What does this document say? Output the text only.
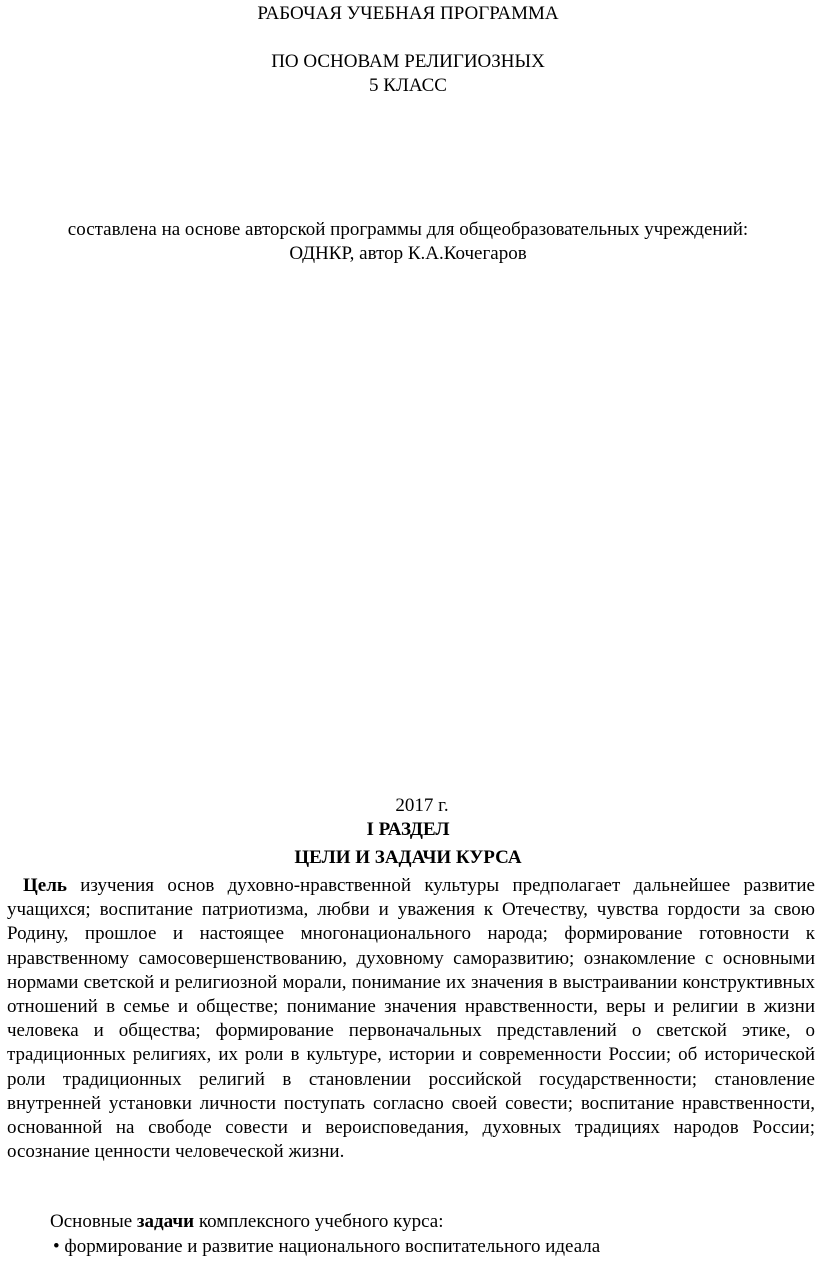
РАБОЧАЯ УЧЕБНАЯ ПРОГРАММА
ПО ОСНОВАМ РЕЛИГИОЗНЫХ
5 КЛАСС
составлена на основе авторской программы для общеобразовательных учреждений:
ОДНКР, автор К.А.Кочегаров
2017 г.
I РАЗДЕЛ
ЦЕЛИ И ЗАДАЧИ КУРСА
Цель изучения основ духовно-нравственной культуры предполагает дальнейшее развитие учащихся; воспитание патриотизма, любви и уважения к Отечеству, чувства гордости за свою Родину, прошлое и настоящее многонационального народа; формирование готовности к нравственному самосовершенствованию, духовному саморазвитию; ознакомление с основными нормами светской и религиозной морали, понимание их значения в выстраивании конструктивных отношений в семье и обществе; понимание значения нравственности, веры и религии в жизни человека и общества; формирование первоначальных представлений о светской этике, о традиционных религиях, их роли в культуре, истории и современности России; об исторической роли традиционных религий в становлении российской государственности; становление внутренней установки личности поступать согласно своей совести; воспитание нравственности, основанной на свободе совести и вероисповедания, духовных традициях народов России; осознание ценности человеческой жизни.
Основные задачи комплексного учебного курса:
• формирование и развитие национального воспитательного идеала
